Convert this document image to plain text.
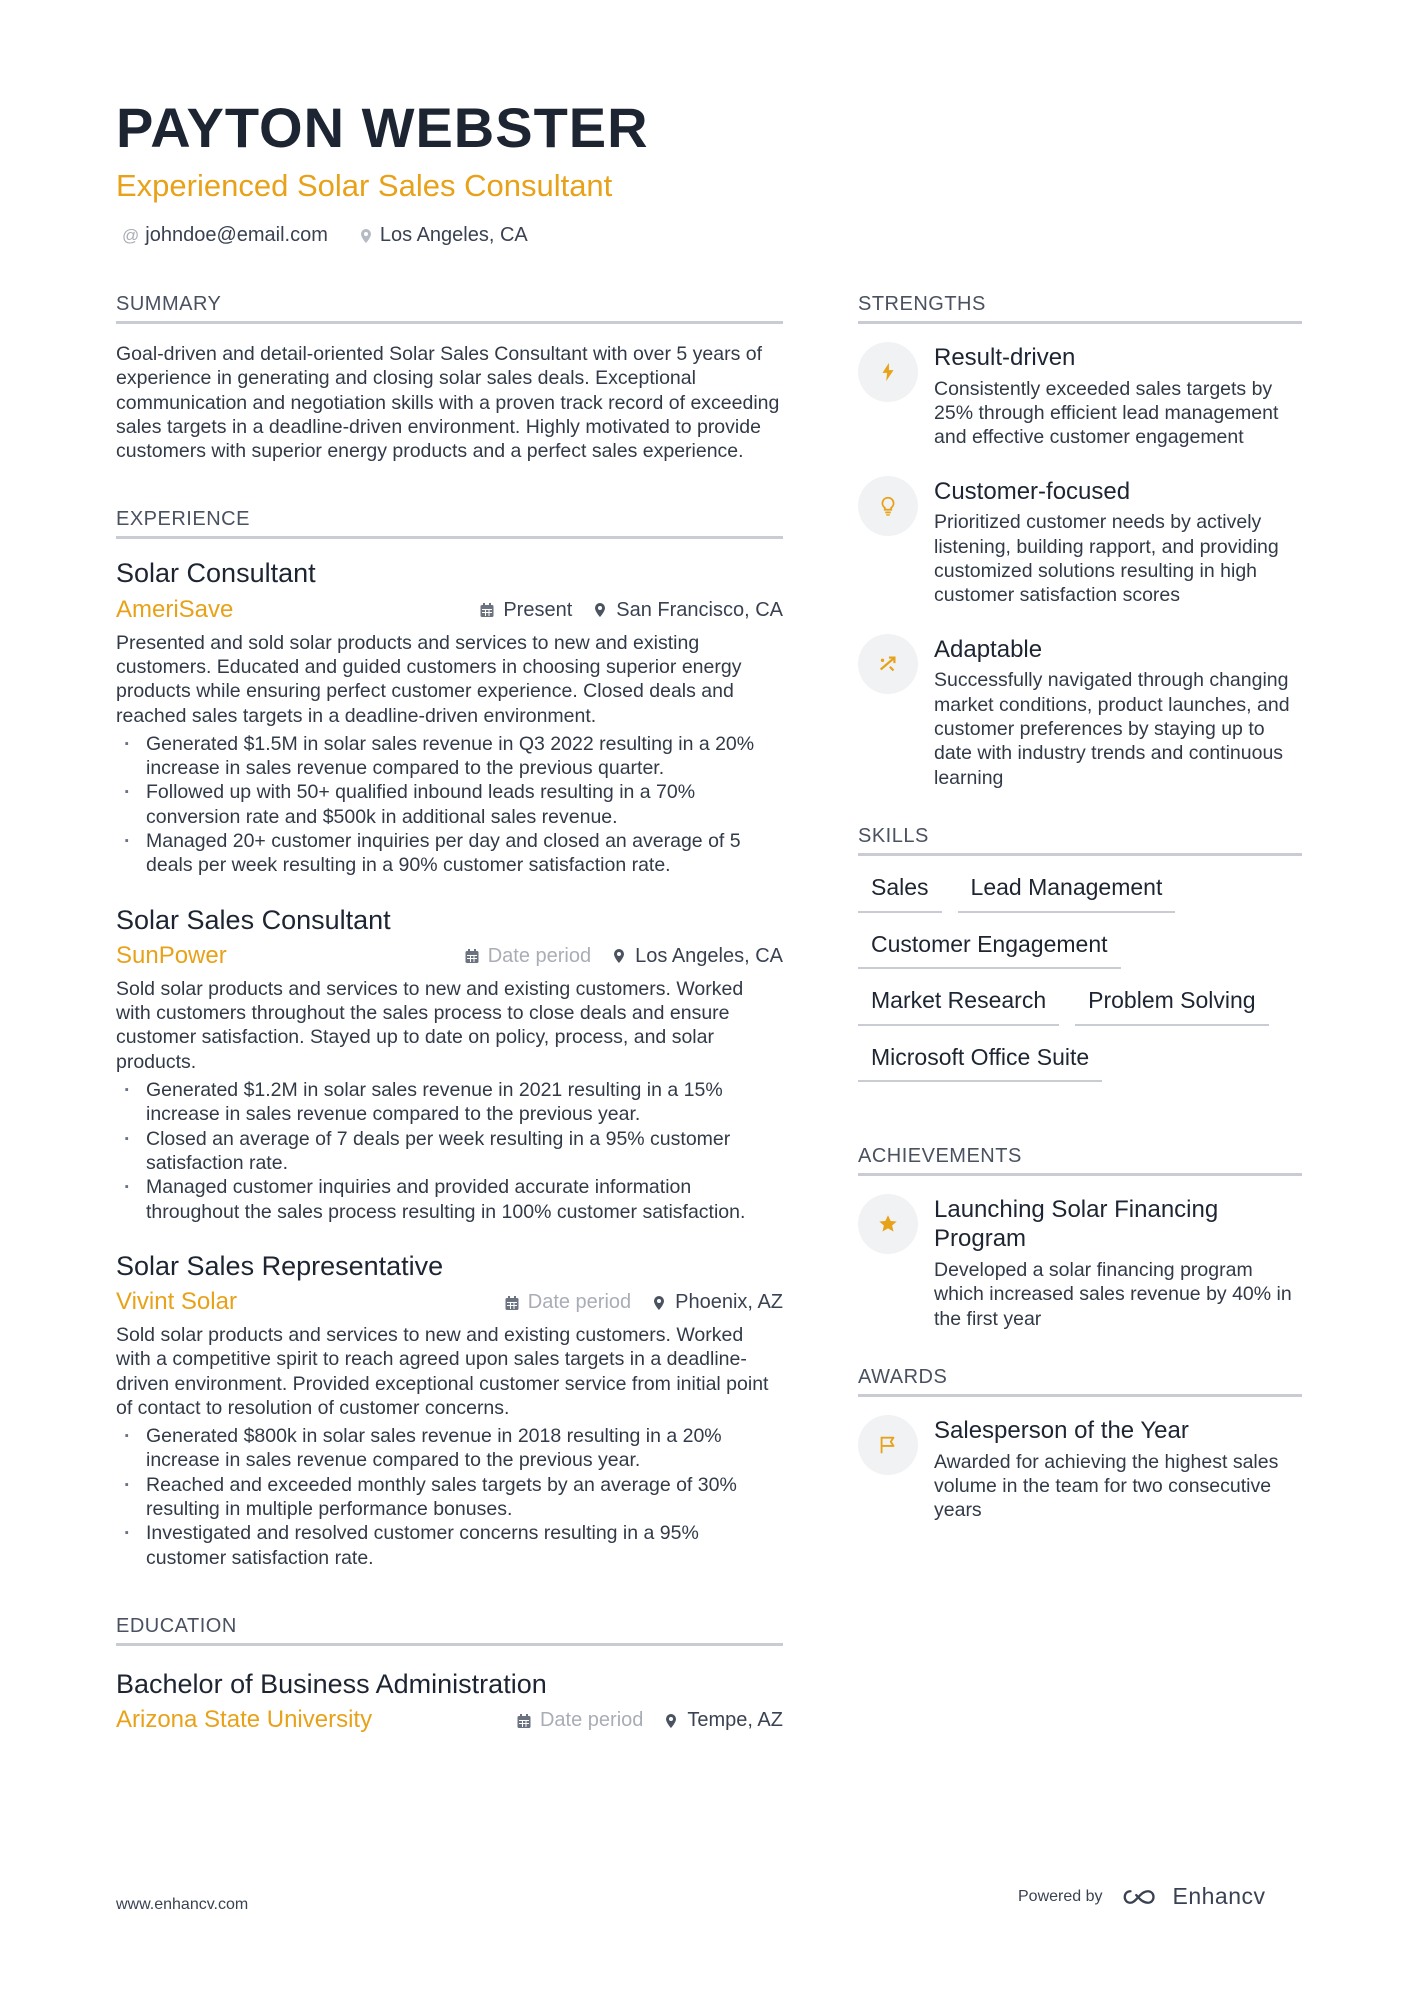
PAYTON WEBSTER
Experienced Solar Sales Consultant
@ johndoe@email.com	Los Angeles, CA
SUMMARY
Goal-driven and detail-oriented Solar Sales Consultant with over 5 years of experience in generating and closing solar sales deals. Exceptional communication and negotiation skills with a proven track record of exceeding sales targets in a deadline-driven environment. Highly motivated to provide customers with superior energy products and a perfect sales experience.
EXPERIENCE
Solar Consultant
AmeriSave	Present San Francisco, CA
Presented and sold solar products and services to new and existing customers. Educated and guided customers in choosing superior energy products while ensuring perfect customer experience. Closed deals and reached sales targets in a deadline-driven environment.
· Generated $1.5M in solar sales revenue in Q3 2022 resulting in a 20% increase in sales revenue compared to the previous quarter.
· Followed up with 50+ qualified inbound leads resulting in a 70% conversion rate and $500k in additional sales revenue.
· Managed 20+ customer inquiries per day and closed an average of 5 deals per week resulting in a 90% customer satisfaction rate.
Solar Sales Consultant
SunPower	Date period Los Angeles, CA
Sold solar products and services to new and existing customers. Worked with customers throughout the sales process to close deals and ensure customer satisfaction. Stayed up to date on policy, process, and solar products.
· Generated $1.2M in solar sales revenue in 2021 resulting in a 15% increase in sales revenue compared to the previous year.
· Closed an average of 7 deals per week resulting in a 95% customer satisfaction rate.
· Managed customer inquiries and provided accurate information throughout the sales process resulting in 100% customer satisfaction.
Solar Sales Representative
Vivint Solar	Date period Phoenix, AZ
Sold solar products and services to new and existing customers. Worked with a competitive spirit to reach agreed upon sales targets in a deadline-driven environment. Provided exceptional customer service from initial point of contact to resolution of customer concerns.
· Generated $800k in solar sales revenue in 2018 resulting in a 20% increase in sales revenue compared to the previous year.
· Reached and exceeded monthly sales targets by an average of 30% resulting in multiple performance bonuses.
· Investigated and resolved customer concerns resulting in a 95% customer satisfaction rate.
EDUCATION
Bachelor of Business Administration
Arizona State University	Date period Tempe, AZ
STRENGTHS
Result-driven
Consistently exceeded sales targets by 25% through efficient lead management and effective customer engagement
Customer-focused
Prioritized customer needs by actively listening, building rapport, and providing customized solutions resulting in high customer satisfaction scores
Adaptable
Successfully navigated through changing market conditions, product launches, and customer preferences by staying up to date with industry trends and continuous learning
SKILLS
Sales	Lead Management
Customer Engagement
Market Research	Problem Solving
Microsoft Office Suite
ACHIEVEMENTS
Launching Solar Financing Program
Developed a solar financing program which increased sales revenue by 40% in the first year
AWARDS
Salesperson of the Year
Awarded for achieving the highest sales volume in the team for two consecutive years
www.enhancv.com	Powered by	Enhancv
